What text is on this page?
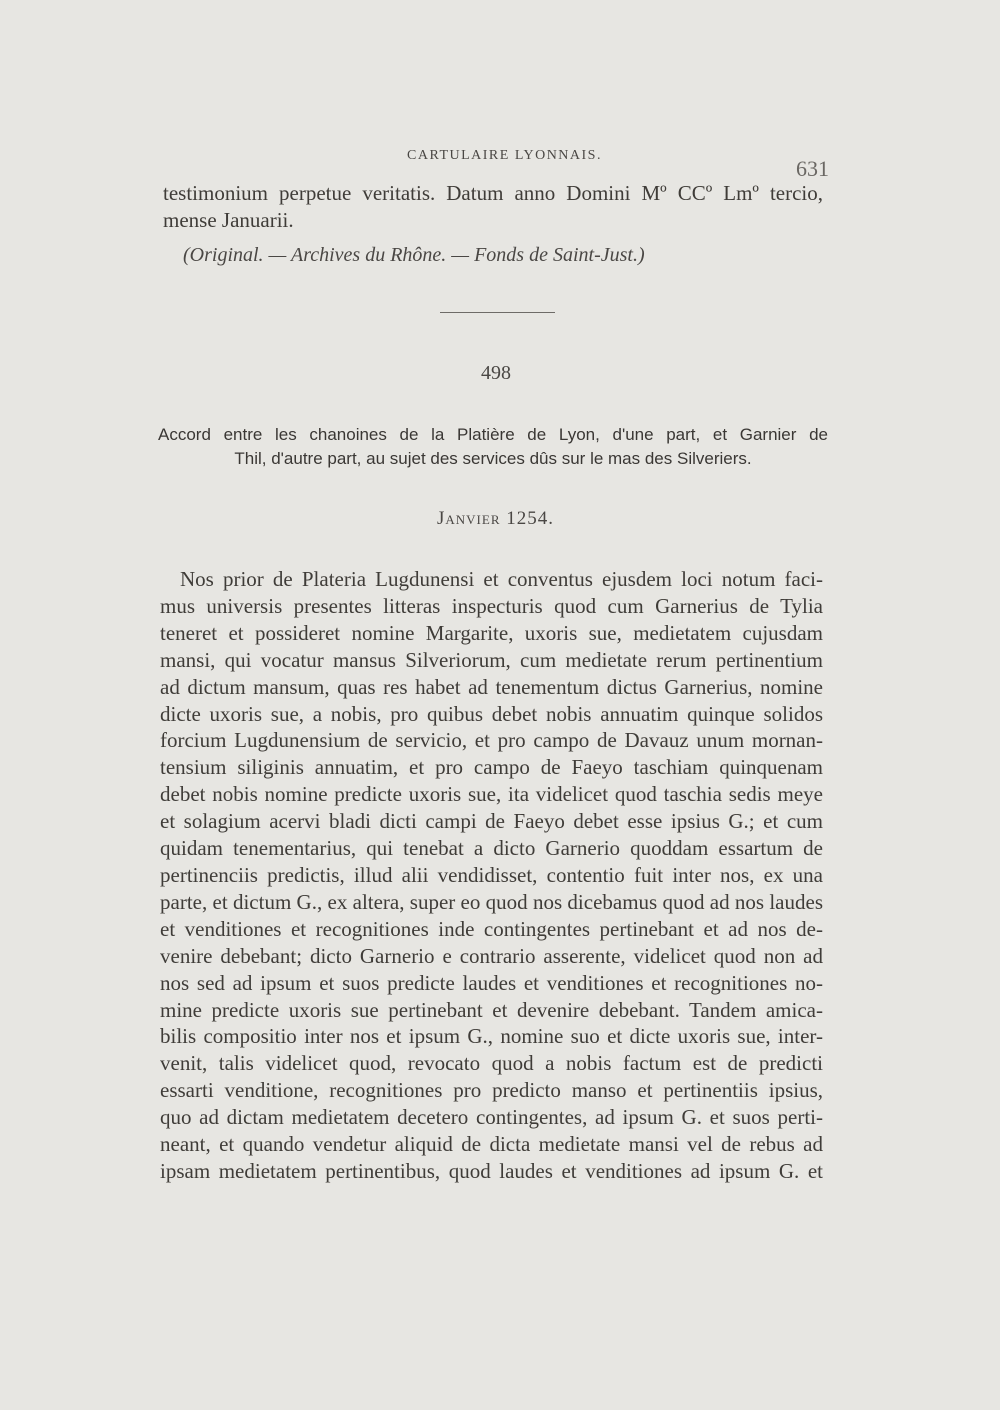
CARTULAIRE LYONNAIS.
631
testimonium perpetue veritatis. Datum anno Domini Mº CCº Lmº tercio,
mense Januarii.
(Original. — Archives du Rhône. — Fonds de Saint-Just.)
498
Accord entre les chanoines de la Platière de Lyon, d'une part, et Garnier de
Thil, d'autre part, au sujet des services dûs sur le mas des Silveriers.
Janvier 1254.
Nos prior de Plateria Lugdunensi et conventus ejusdem loci notum faci-
mus universis presentes litteras inspecturis quod cum Garnerius de Tylia
teneret et possideret nomine Margarite, uxoris sue, medietatem cujusdam
mansi, qui vocatur mansus Silveriorum, cum medietate rerum pertinentium
ad dictum mansum, quas res habet ad tenementum dictus Garnerius, nomine
dicte uxoris sue, a nobis, pro quibus debet nobis annuatim quinque solidos
forcium Lugdunensium de servicio, et pro campo de Davauz unum mornan-
tensium siliginis annuatim, et pro campo de Faeyo taschiam quinquenam
debet nobis nomine predicte uxoris sue, ita videlicet quod taschia sedis meye
et solagium acervi bladi dicti campi de Faeyo debet esse ipsius G.; et cum
quidam tenementarius, qui tenebat a dicto Garnerio quoddam essartum de
pertinenciis predictis, illud alii vendidisset, contentio fuit inter nos, ex una
parte, et dictum G., ex altera, super eo quod nos dicebamus quod ad nos laudes
et venditiones et recognitiones inde contingentes pertinebant et ad nos de-
venire debebant; dicto Garnerio e contrario asserente, videlicet quod non ad
nos sed ad ipsum et suos predicte laudes et venditiones et recognitiones no-
mine predicte uxoris sue pertinebant et devenire debebant. Tandem amica-
bilis compositio inter nos et ipsum G., nomine suo et dicte uxoris sue, inter-
venit, talis videlicet quod, revocato quod a nobis factum est de predicti
essarti venditione, recognitiones pro predicto manso et pertinentiis ipsius,
quo ad dictam medietatem decetero contingentes, ad ipsum G. et suos perti-
neant, et quando vendetur aliquid de dicta medietate mansi vel de rebus ad
ipsam medietatem pertinentibus, quod laudes et venditiones ad ipsum G. et
